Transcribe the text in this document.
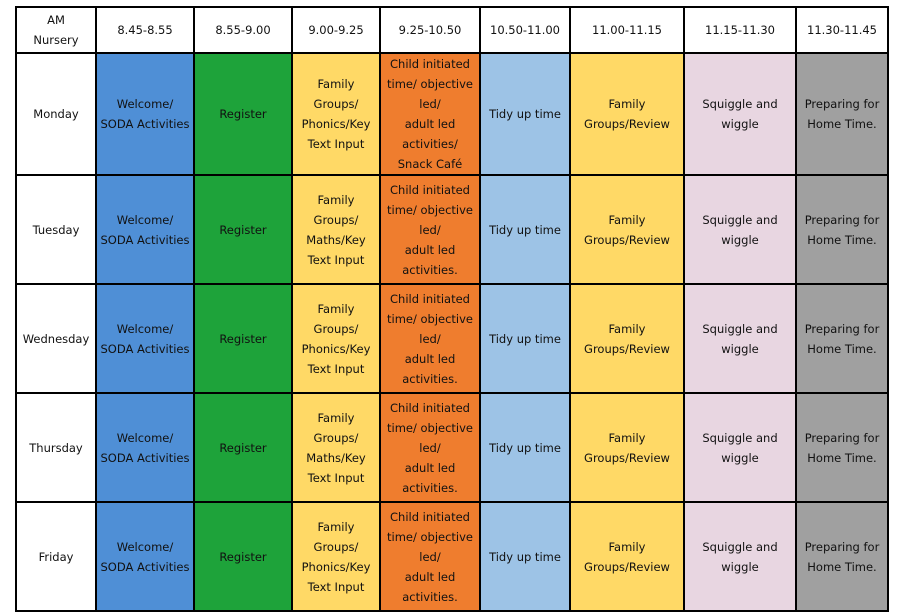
AM
Nursery	8.45-8.55	8.55-9.00	9.00-9.25	9.25-10.50	10.50-11.00	11.00-11.15	11.15-11.30	11.30-11.45
Monday	Welcome/
SODA Activities	Register	Family Groups/
Phonics/Key
Text Input	Child initiated
time/ objective led/
adult led activities/
Snack Café	Tidy up time	Family Groups/Review	Squiggle and wiggle	Preparing for
Home Time.

Tuesday	Welcome/
SODA Activities	Register	Family Groups/
Maths/Key
Text Input	Child initiated
time/ objective led/
adult led activities.	Tidy up time	Family Groups/Review	Squiggle and wiggle	Preparing for
Home Time.

Wednesday	Welcome/
SODA Activities	Register	Family Groups/
Phonics/Key
Text Input	Child initiated
time/ objective led/
adult led activities.	Tidy up time	Family Groups/Review	Squiggle and wiggle	Preparing for
Home Time.

Thursday	Welcome/
SODA Activities	Register	Family Groups/
Maths/Key
Text Input	Child initiated
time/ objective led/
adult led activities.	Tidy up time	Family Groups/Review	Squiggle and wiggle	Preparing for
Home Time.

Friday	Welcome/
SODA Activities	Register	Family Groups/
Phonics/Key
Text Input	Child initiated
time/ objective led/
adult led activities.	Tidy up time	Family Groups/Review	Squiggle and wiggle	Preparing for
Home Time.
